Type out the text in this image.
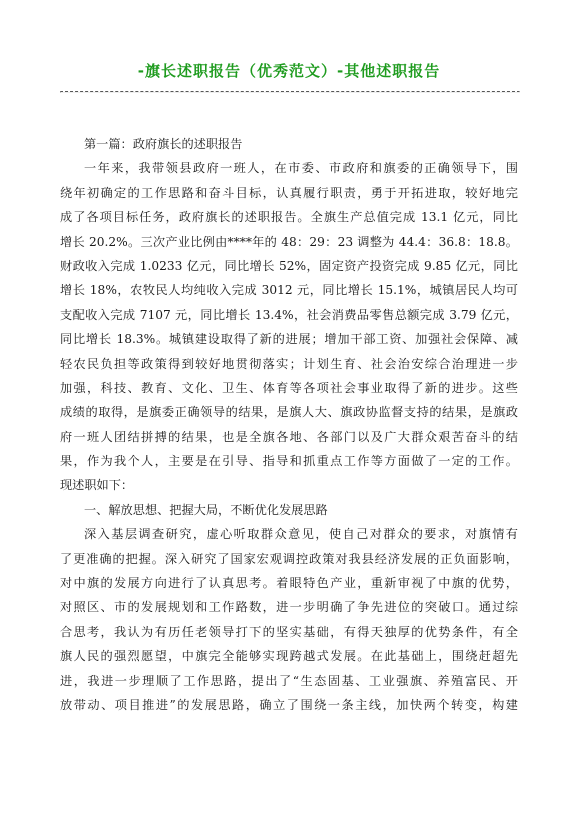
-旗长述职报告（优秀范文）-其他述职报告
第一篇：政府旗长的述职报告
一年来，我带领县政府一班人，在市委、市政府和旗委的正确领导下，围
绕年初确定的工作思路和奋斗目标，认真履行职责，勇于开拓进取，较好地完
成了各项目标任务，政府旗长的述职报告。全旗生产总值完成 13.1 亿元，同比
增长 20.2%。三次产业比例由****年的 48：29：23 调整为 44.4：36.8：18.8。
财政收入完成 1.0233 亿元，同比增长 52%，固定资产投资完成 9.85 亿元，同比
增长 18%，农牧民人均纯收入完成 3012 元，同比增长 15.1%，城镇居民人均可
支配收入完成 7107 元，同比增长 13.4%，社会消费品零售总额完成 3.79 亿元，
同比增长 18.3%。城镇建设取得了新的进展；增加干部工资、加强社会保障、减
轻农民负担等政策得到较好地贯彻落实；计划生育、社会治安综合治理进一步
加强，科技、教育、文化、卫生、体育等各项社会事业取得了新的进步。这些
成绩的取得，是旗委正确领导的结果，是旗人大、旗政协监督支持的结果，是旗政
府一班人团结拼搏的结果，也是全旗各地、各部门以及广大群众艰苦奋斗的结
果，作为我个人，主要是在引导、指导和抓重点工作等方面做了一定的工作。
现述职如下：
一、解放思想、把握大局，不断优化发展思路
深入基层调查研究，虚心听取群众意见，使自己对群众的要求，对旗情有
了更准确的把握。深入研究了国家宏观调控政策对我县经济发展的正负面影响，
对中旗的发展方向进行了认真思考。着眼特色产业，重新审视了中旗的优势，
对照区、市的发展规划和工作路数，进一步明确了争先进位的突破口。通过综
合思考，我认为有历任老领导打下的坚实基础，有得天独厚的优势条件，有全
旗人民的强烈愿望，中旗完全能够实现跨越式发展。在此基础上，围绕赶超先
进，我进一步理顺了工作思路，提出了“生态固基、工业强旗、养殖富民、开
放带动、项目推进”的发展思路，确立了围绕一条主线，加快两个转变，构建
